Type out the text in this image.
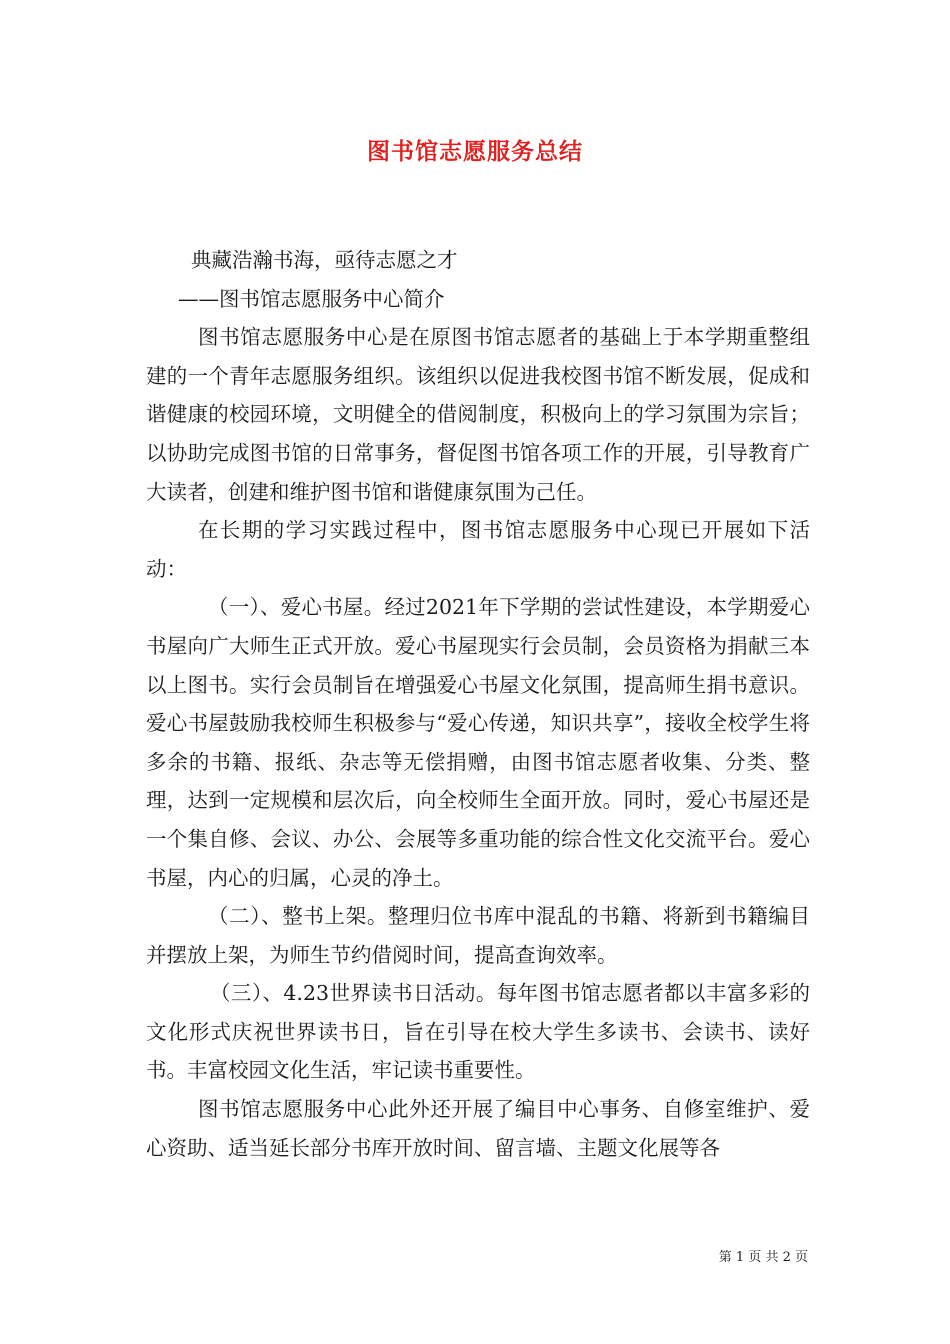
图书馆志愿服务总结

典藏浩瀚书海，亟待志愿之才

——图书馆志愿服务中心简介

图书馆志愿服务中心是在原图书馆志愿者的基础上于本学期重整组建的一个青年志愿服务组织。该组织以促进我校图书馆不断发展，促成和谐健康的校园环境，文明健全的借阅制度，积极向上的学习氛围为宗旨；以协助完成图书馆的日常事务，督促图书馆各项工作的开展，引导教育广大读者，创建和维护图书馆和谐健康氛围为己任。

在长期的学习实践过程中，图书馆志愿服务中心现已开展如下活动：

（一）、爱心书屋。经过2021年下学期的尝试性建设，本学期爱心书屋向广大师生正式开放。爱心书屋现实行会员制，会员资格为捐献三本以上图书。实行会员制旨在增强爱心书屋文化氛围，提高师生捐书意识。爱心书屋鼓励我校师生积极参与“爱心传递，知识共享”，接收全校学生将多余的书籍、报纸、杂志等无偿捐赠，由图书馆志愿者收集、分类、整理，达到一定规模和层次后，向全校师生全面开放。同时，爱心书屋还是一个集自修、会议、办公、会展等多重功能的综合性文化交流平台。爱心书屋，内心的归属，心灵的净土。

（二）、整书上架。整理归位书库中混乱的书籍、将新到书籍编目并摆放上架，为师生节约借阅时间，提高查询效率。

（三）、4.23世界读书日活动。每年图书馆志愿者都以丰富多彩的文化形式庆祝世界读书日，旨在引导在校大学生多读书、会读书、读好书。丰富校园文化生活，牢记读书重要性。

图书馆志愿服务中心此外还开展了编目中心事务、自修室维护、爱心资助、适当延长部分书库开放时间、留言墙、主题文化展等各

第 1 页 共 2 页
